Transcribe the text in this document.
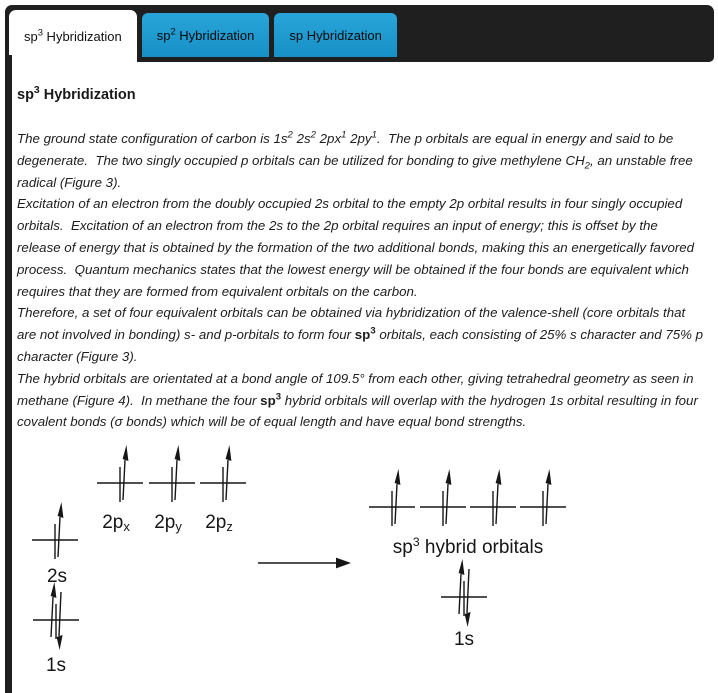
$sp^3$ Hybridization	$sp^2$ Hybridization	sp Hybridization
$sp^3$ Hybridization

The ground state configuration of carbon is $1s^2$ $2s^2$ $2px^1$ $2py^1$.  The p orbitals are equal in energy and said to be degenerate.  The two singly occupied p orbitals can be utilized for bonding to give methylene $CH_2$, an unstable free radical (Figure 3).

Excitation of an electron from the doubly occupied 2s orbital to the empty 2p orbital results in four singly occupied orbitals.  Excitation of an electron from the 2s to the 2p orbital requires an input of energy; this is offset by the release of energy that is obtained by the formation of the two additional bonds, making this an energetically favored process.  Quantum mechanics states that the lowest energy will be obtained if the four bonds are equivalent which requires that they are formed from equivalent orbitals on the carbon.

Therefore, a set of four equivalent orbitals can be obtained via hybridization of the valence-shell (core orbitals that are not involved in bonding) s- and p-orbitals to form four $sp^3$ orbitals, each consisting of 25% s character and 75% p character (Figure 3).

The hybrid orbitals are orientated at a bond angle of 109.5° from each other, giving tetrahedral geometry as seen in methane (Figure 4).  In methane the four $sp^3$ hybrid orbitals will overlap with the hydrogen 1s orbital resulting in four covalent bonds (σ bonds) which will be of equal length and have equal bond strengths.

2px 2py 2pz
2s
1s
$sp^3$ hybrid orbitals
1s
